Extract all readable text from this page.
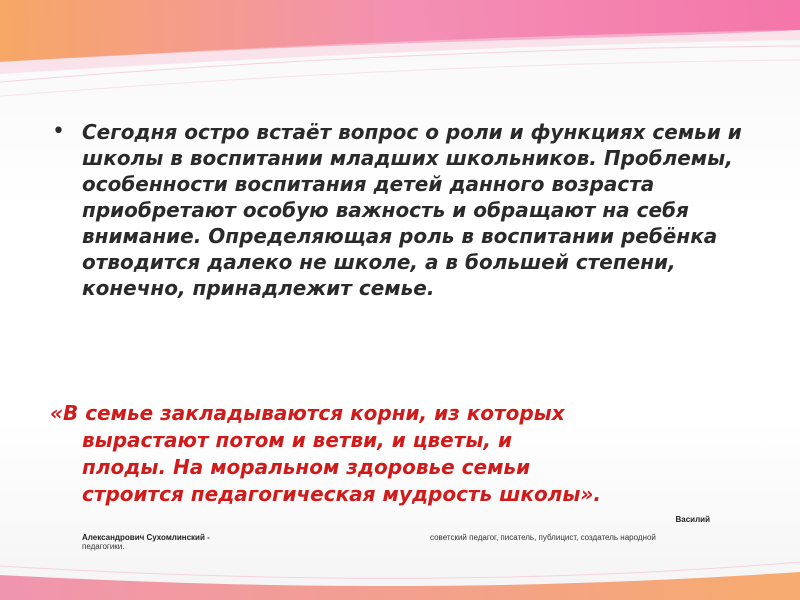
• Сегодня остро встаёт вопрос о роли и функциях семьи и школы в воспитании младших школьников. Проблемы, особенности воспитания детей данного возраста приобретают особую важность и обращают на себя внимание. Определяющая роль в воспитании ребёнка отводится далеко не школе, а в большей степени, конечно, принадлежит семье.
«В семье закладываются корни, из которых
вырастают потом и ветви, и цветы, и
плоды. На моральном здоровье семьи
строится педагогическая мудрость школы».
Василий
Александрович Сухомлинский -	советский педагог, писатель, публицист, создатель народной
педагогики.
